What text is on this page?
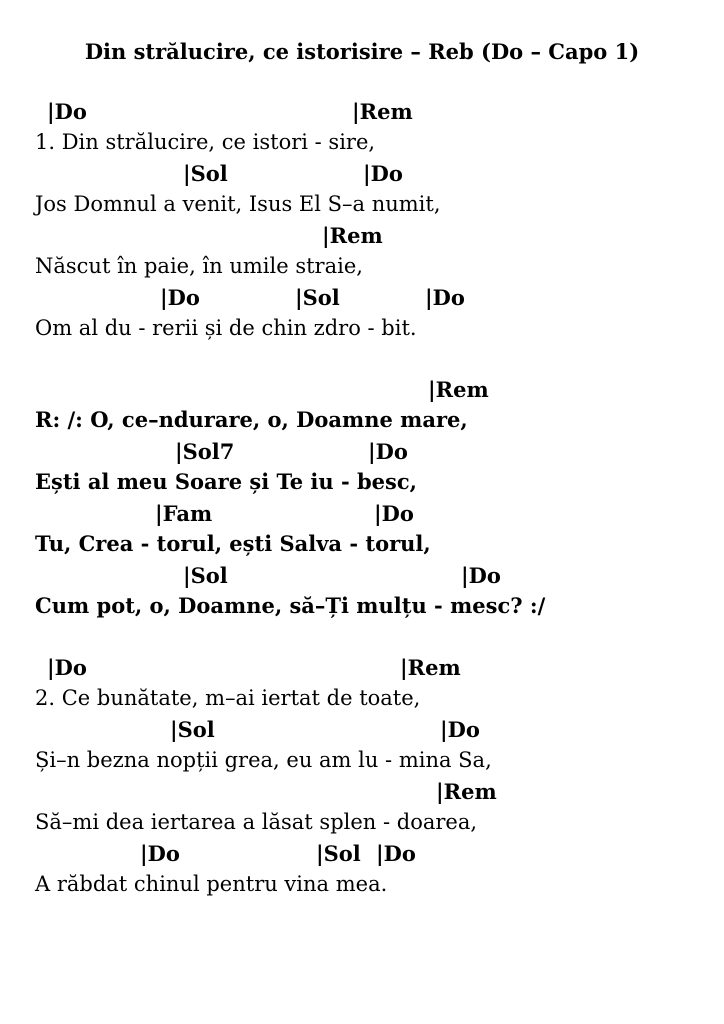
Din strălucire, ce istorisire – Reb (Do – Capo 1)
|Do	|Rem
1. Din strălucire, ce istori - sire,
|Sol	|Do
Jos Domnul a venit, Isus El S–a numit,
|Rem
Născut în paie, în umile straie,
|Do	|Sol	|Do
Om al du - rerii și de chin zdro - bit.
|Rem
R: /: O, ce–ndurare, o, Doamne mare,
|Sol7	|Do
Ești al meu Soare și Te iu - besc,
|Fam	|Do
Tu, Crea - torul, ești Salva - torul,
|Sol	|Do
Cum pot, o, Doamne, să–Ți mulțu - mesc? :/
|Do	|Rem
2. Ce bunătate, m–ai iertat de toate,
|Sol	|Do
Și–n bezna nopții grea, eu am lu - mina Sa,
|Rem
Să–mi dea iertarea a lăsat splen - doarea,
|Do	|Sol |Do
A răbdat chinul pentru vina mea.
